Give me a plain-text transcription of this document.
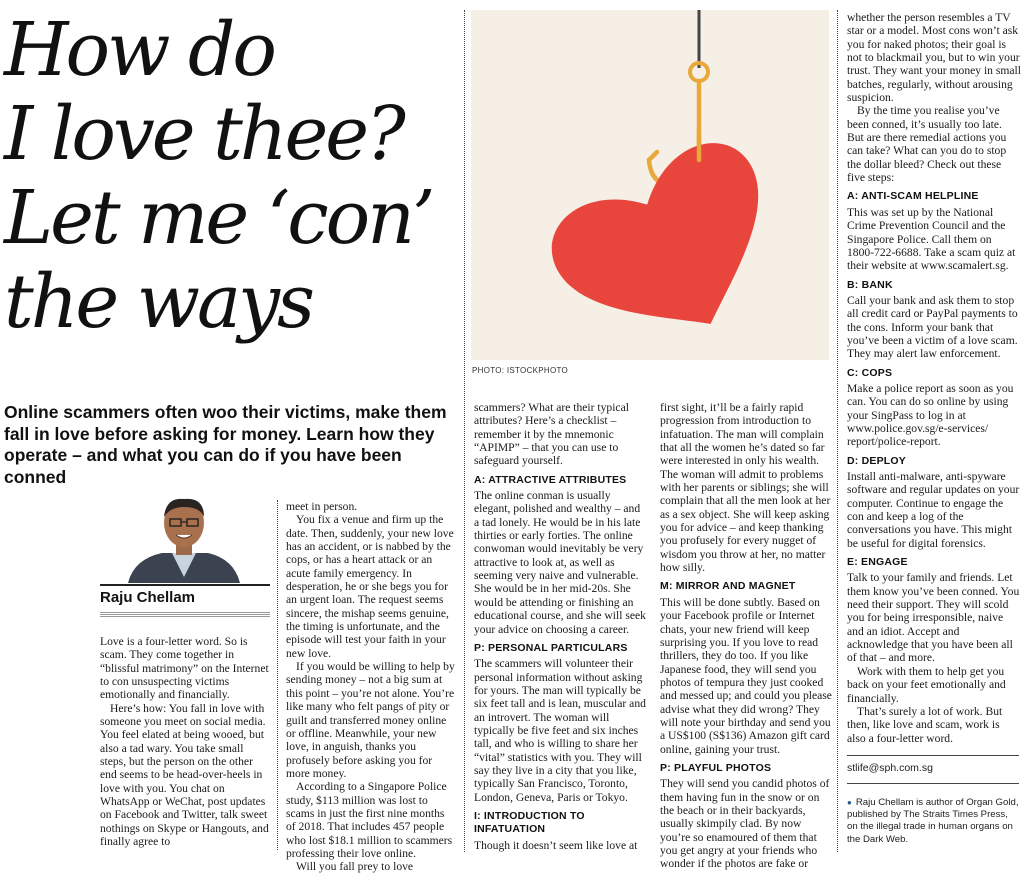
How do
I love thee?
Let me ‘con’
the ways
Online scammers often woo their victims, make them fall in love before asking for money. Learn how they operate – and what you can do if you have been conned
PHOTO: ISTOCKPHOTO
Raju Chellam

Love is a four-letter word. So is scam. They come together in “blissful matrimony” on the Internet to con unsuspecting victims emotionally and financially.

Here’s how: You fall in love with someone you meet on social media. You feel elated at being wooed, but also a tad wary. You take small steps, but the person on the other end seems to be head-over-heels in love with you. You chat on WhatsApp or WeChat, post updates on Facebook and Twitter, talk sweet nothings on Skype or Hangouts, and finally agree to

meet in person.

You fix a venue and firm up the date. Then, suddenly, your new love has an accident, or is nabbed by the cops, or has a heart attack or an acute family emergency. In desperation, he or she begs you for an urgent loan. The request seems sincere, the mishap seems genuine, the timing is unfortunate, and the episode will test your faith in your new love.

If you would be willing to help by sending money – not a big sum at this point – you’re not alone. You’re like many who felt pangs of pity or guilt and transferred money online or offline. Meanwhile, your new love, in anguish, thanks you profusely before asking you for more money.

According to a Singapore Police study, $113 million was lost to scams in just the first nine months of 2018. That includes 457 people who lost $18.1 million to scammers professing their love online.

Will you fall prey to love

scammers? What are their typical attributes? Here’s a checklist – remember it by the mnemonic “APIMP” – that you can use to safeguard yourself.

A: ATTRACTIVE ATTRIBUTES

The online conman is usually elegant, polished and wealthy – and a tad lonely. He would be in his late thirties or early forties. The online conwoman would inevitably be very attractive to look at, as well as seeming very naive and vulnerable. She would be in her mid-20s. She would be attending or finishing an educational course, and she will seek your advice on choosing a career.

P: PERSONAL PARTICULARS

The scammers will volunteer their personal information without asking for yours. The man will typically be six feet tall and is lean, muscular and an introvert. The woman will typically be five feet and six inches tall, and who is willing to share her “vital” statistics with you. They will say they live in a city that you like, typically San Francisco, Toronto, London, Geneva, Paris or Tokyo.

I: INTRODUCTION TO INFATUATION

Though it doesn’t seem like love at

first sight, it’ll be a fairly rapid progression from introduction to infatuation. The man will complain that all the women he’s dated so far were interested in only his wealth. The woman will admit to problems with her parents or siblings; she will complain that all the men look at her as a sex object. She will keep asking you for advice – and keep thanking you profusely for every nugget of wisdom you throw at her, no matter how silly.

M: MIRROR AND MAGNET

This will be done subtly. Based on your Facebook profile or Internet chats, your new friend will keep surprising you. If you love to read thrillers, they do too. If you like Japanese food, they will send you photos of tempura they just cooked and messed up; and could you please advise what they did wrong? They will note your birthday and send you a US$100 (S$136) Amazon gift card online, gaining your trust.

P: PLAYFUL PHOTOS

They will send you candid photos of them having fun in the snow or on the beach or in their backyards, usually skimpily clad. By now you’re so enamoured of them that you get angry at your friends who wonder if the photos are fake or

whether the person resembles a TV star or a model. Most cons won’t ask you for naked photos; their goal is not to blackmail you, but to win your trust. They want your money in small batches, regularly, without arousing suspicion.

By the time you realise you’ve been conned, it’s usually too late. But are there remedial actions you can take? What can you do to stop the dollar bleed? Check out these five steps:

A: ANTI-SCAM HELPLINE

This was set up by the National Crime Prevention Council and the Singapore Police. Call them on 1800-722-6688. Take a scam quiz at their website at www.scamalert.sg.

B: BANK

Call your bank and ask them to stop all credit card or PayPal payments to the cons. Inform your bank that you’ve been a victim of a love scam. They may alert law enforcement.

C: COPS

Make a police report as soon as you can. You can do so online by using your SingPass to log in at www.police.gov.sg/e-services/ report/police-report.

D: DEPLOY

Install anti-malware, anti-spyware software and regular updates on your computer. Continue to engage the con and keep a log of the conversations you have. This might be useful for digital forensics.

E: ENGAGE

Talk to your family and friends. Let them know you’ve been conned. You need their support. They will scold you for being irresponsible, naive and an idiot. Accept and acknowledge that you have been all of that – and more.

Work with them to help get you back on your feet emotionally and financially.

That’s surely a lot of work. But then, like love and scam, work is also a four-letter word.

stlife@sph.com.sg
● Raju Chellam is author of Organ Gold, published by The Straits Times Press, on the illegal trade in human organs on the Dark Web.
